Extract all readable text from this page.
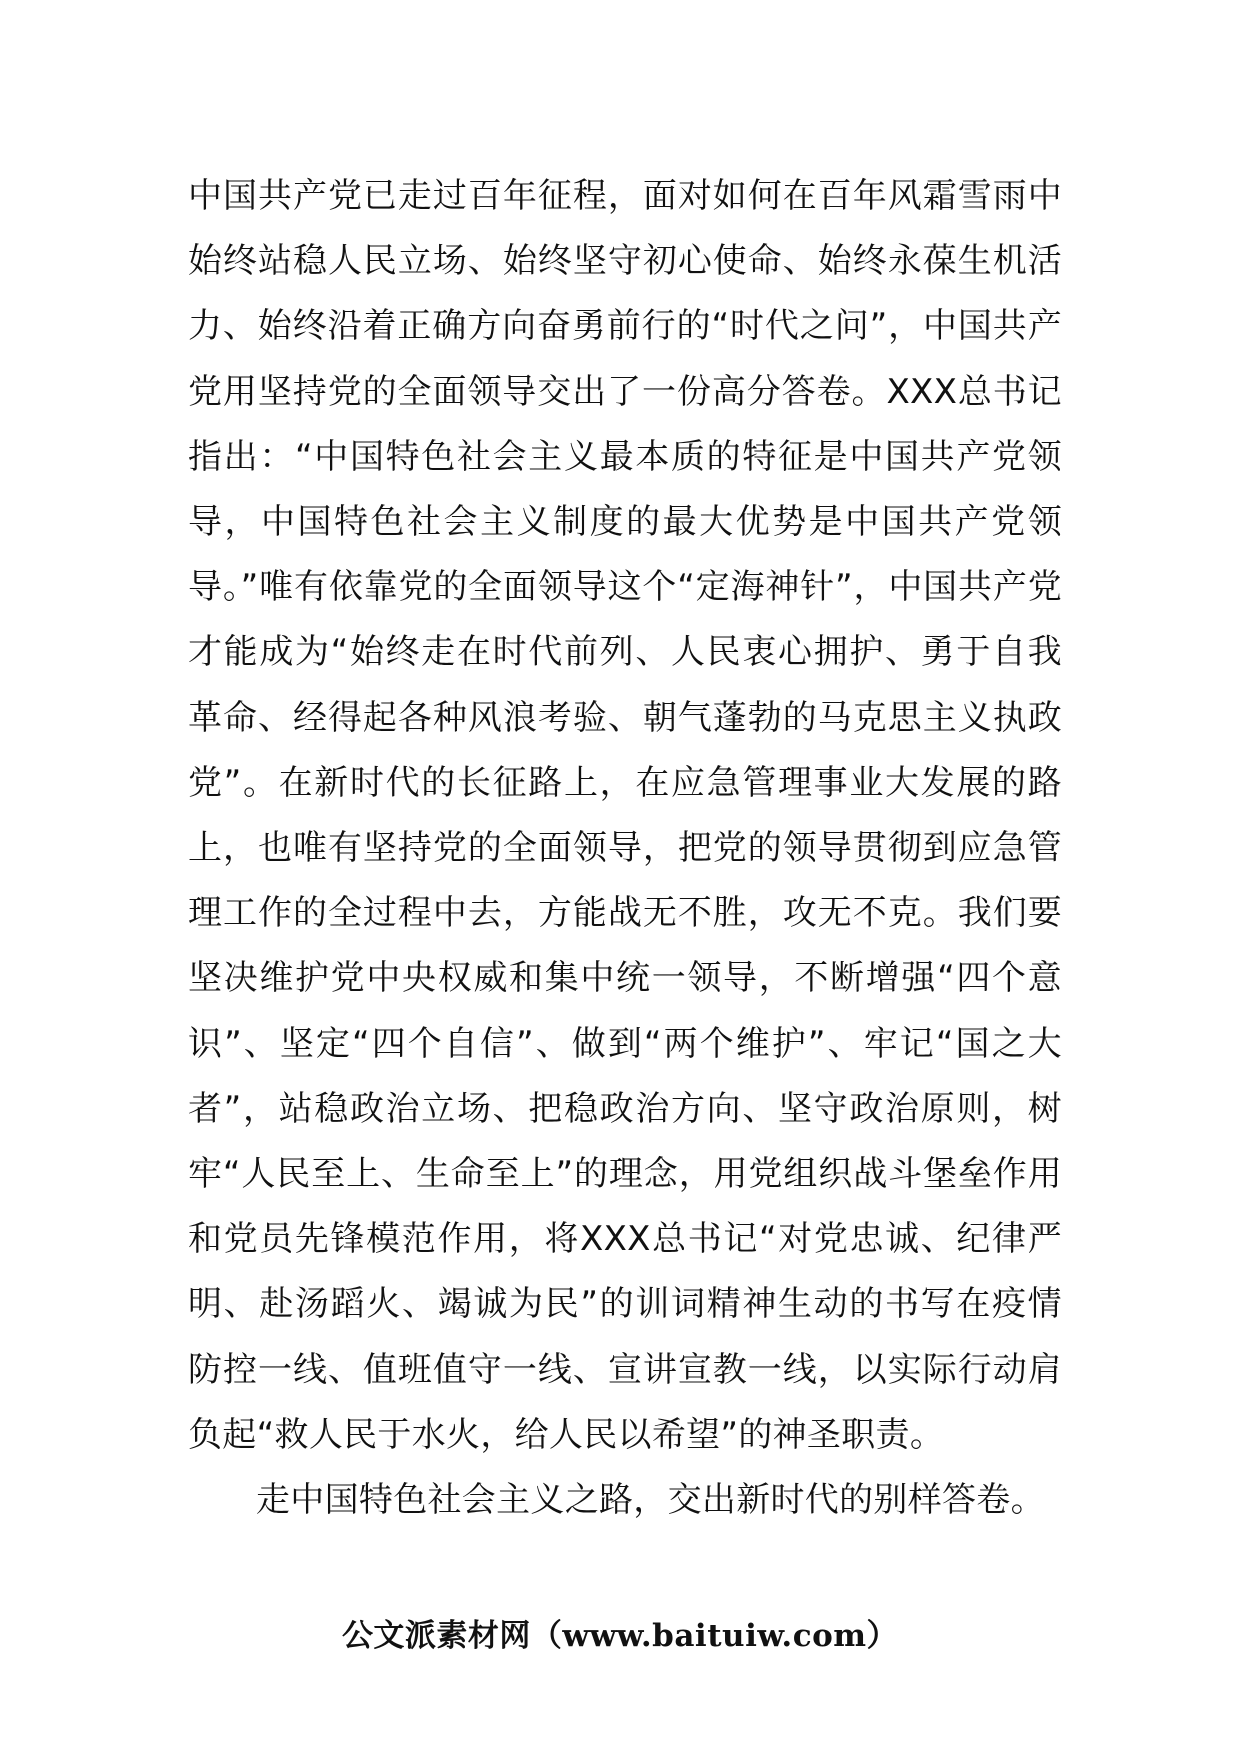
中国共产党已走过百年征程，面对如何在百年风霜雪雨中始终站稳人民立场、始终坚守初心使命、始终永葆生机活力、始终沿着正确方向奋勇前行的“时代之问”，中国共产党用坚持党的全面领导交出了一份高分答卷。XXX总书记指出：“中国特色社会主义最本质的特征是中国共产党领导，中国特色社会主义制度的最大优势是中国共产党领导。”唯有依靠党的全面领导这个“定海神针”，中国共产党才能成为“始终走在时代前列、人民衷心拥护、勇于自我革命、经得起各种风浪考验、朝气蓬勃的马克思主义执政党”。在新时代的长征路上，在应急管理事业大发展的路上，也唯有坚持党的全面领导，把党的领导贯彻到应急管理工作的全过程中去，方能战无不胜，攻无不克。我们要坚决维护党中央权威和集中统一领导，不断增强“四个意识”、坚定“四个自信”、做到“两个维护”、牢记“国之大者”，站稳政治立场、把稳政治方向、坚守政治原则，树牢“人民至上、生命至上”的理念，用党组织战斗堡垒作用和党员先锋模范作用，将XXX总书记“对党忠诚、纪律严明、赴汤蹈火、竭诚为民”的训词精神生动的书写在疫情防控一线、值班值守一线、宣讲宣教一线，以实际行动肩负起“救人民于水火，给人民以希望”的神圣职责。

走中国特色社会主义之路，交出新时代的别样答卷。

公文派素材网（www.baituiw.com）
